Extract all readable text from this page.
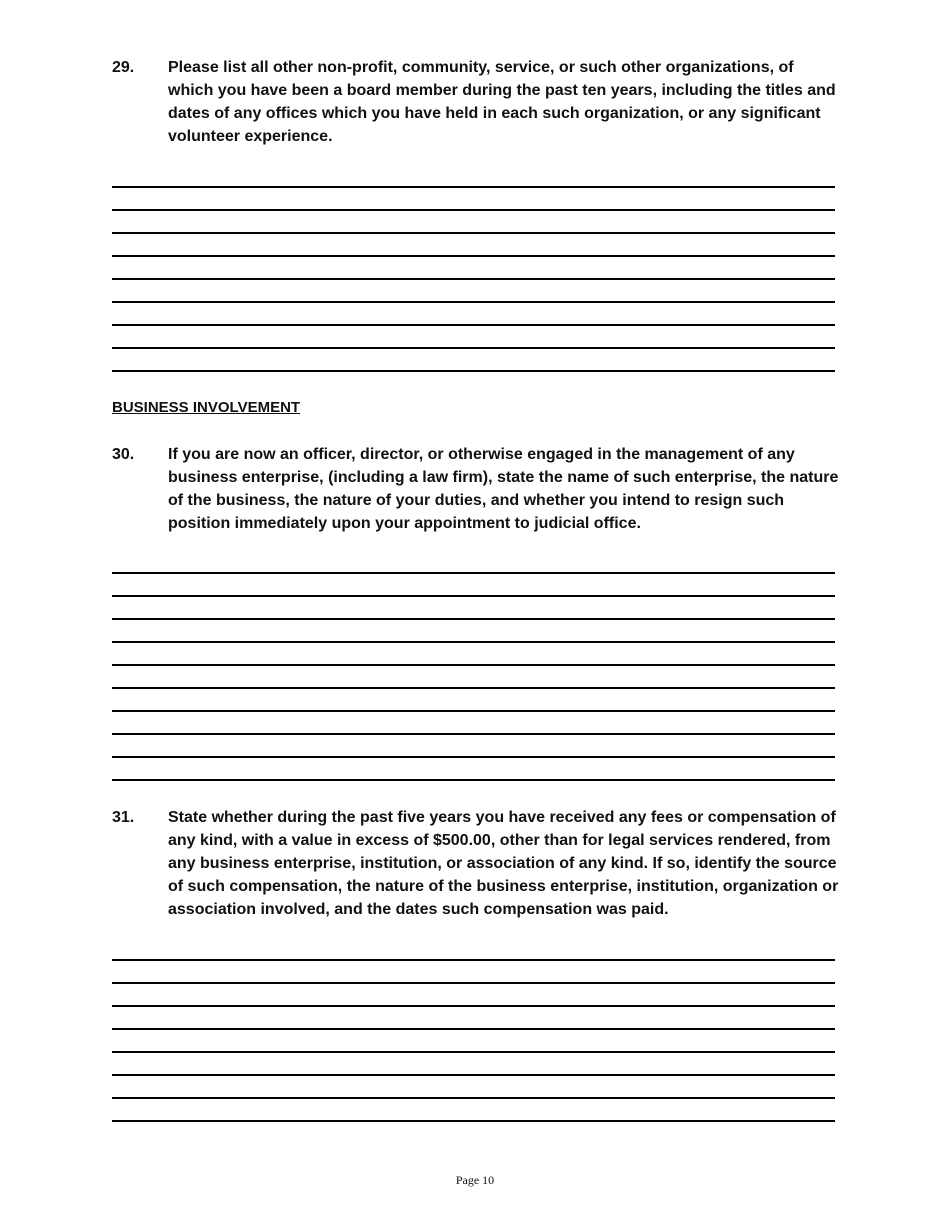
29. Please list all other non-profit, community, service, or such other organizations, of which you have been a board member during the past ten years, including the titles and dates of any offices which you have held in each such organization, or any significant volunteer experience.
BUSINESS INVOLVEMENT
30. If you are now an officer, director, or otherwise engaged in the management of any business enterprise, (including a law firm), state the name of such enterprise, the nature of the business, the nature of your duties, and whether you intend to resign such position immediately upon your appointment to judicial office.
31. State whether during the past five years you have received any fees or compensation of any kind, with a value in excess of $500.00, other than for legal services rendered, from any business enterprise, institution, or association of any kind. If so, identify the source of such compensation, the nature of the business enterprise, institution, organization or association involved, and the dates such compensation was paid.
Page 10
